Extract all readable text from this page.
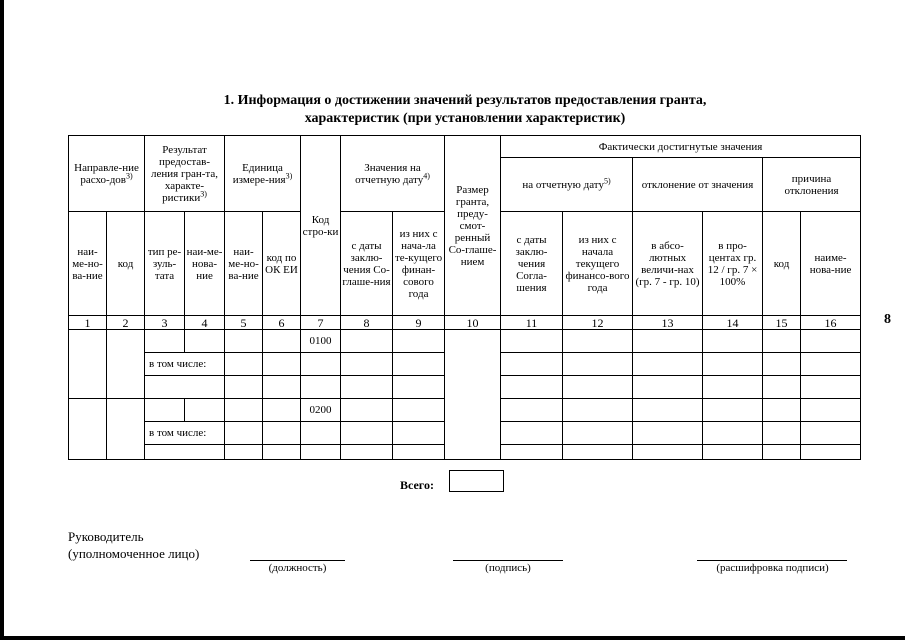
1. Информация о достижении значений результатов предоставления гранта,
характеристик (при установлении характеристик)
8
Направле-ние расхо-дов$^{3)}$		Результат предостав-ления гран-та, характе-ристики$^{3)}$		Единица измере-ния$^{3)}$		Код стро-ки	Значения на отчетную дату$^{4)}$		Размер гранта, преду-смот-ренный Со-глаше-нием	Фактически достигнутые значения					
										на отчетную дату$^{5)}$		отклонение от значения		причина отклонения	

наи-ме-но-ва-ние	код	тип ре-зуль-тата	наи-ме-нова-ние	наи-ме-но-ва-ние	код по ОК ЕИ		с даты заклю-чения Со-глаше-ния	из них с нача-ла те-кущего финан-сового года		с даты заклю-чения Согла-шения	из них с начала текущего финансо-вого года	в абсо-лютных величи-нах (гр. 7 - гр. 10)	в про-центах гр. 12 / гр. 7 × 100%	код	наиме-нова-ние
1	2	3	4	5	6	7	8	9	10	11	12	13	14	15	16
						0100									
		в том числе:													

						0200									
		в том числе:													

Всего:
Руководитель
(уполномоченное лицо)
(должность)	(подпись)	(расшифровка подписи)
